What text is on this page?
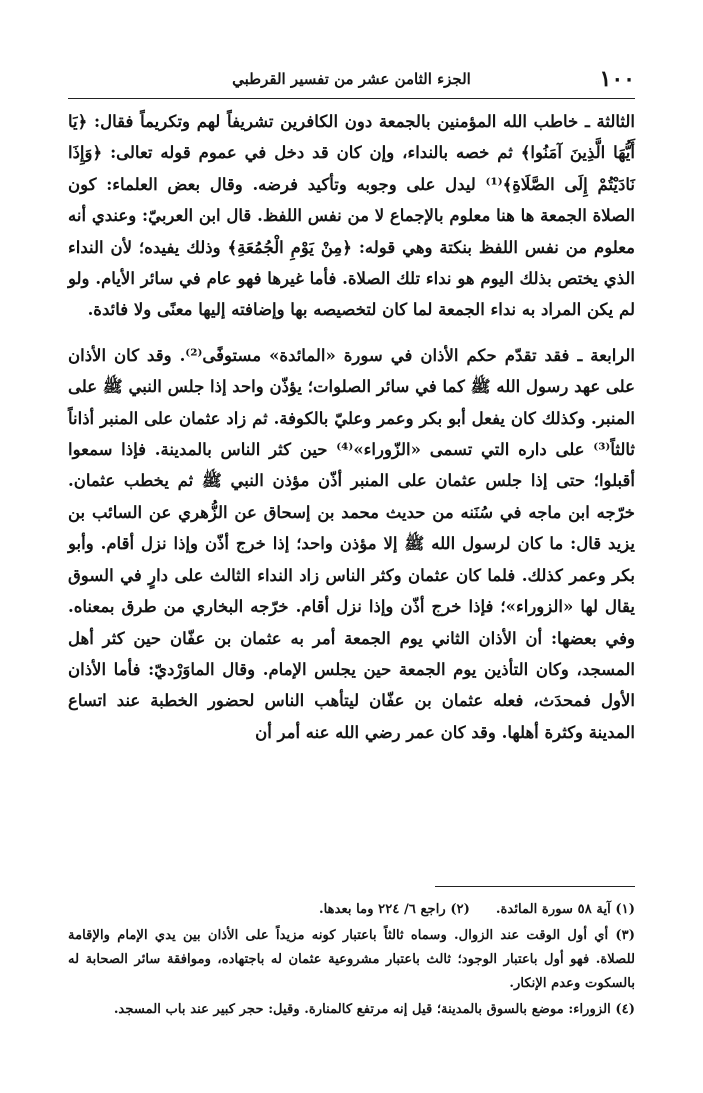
١٠٠
الجزء الثامن عشر من تفسير القرطبي

الثالثة ـ خاطب الله المؤمنين بالجمعة دون الكافرين تشريفاً لهم وتكريماً فقال: ﴿يَا أَيُّهَا الَّذِينَ آمَنُوا﴾ ثم خصه بالنداء، وإن كان قد دخل في عموم قوله تعالى: ﴿وَإِذَا نَادَيْتُمْ إِلَى الصَّلَاةِ﴾⁽¹⁾ ليدل على وجوبه وتأكيد فرضه. وقال بعض العلماء: كون الصلاة الجمعة ها هنا معلوم بالإجماع لا من نفس اللفظ. قال ابن العربيّ: وعندي أنه معلوم من نفس اللفظ بنكتة وهي قوله: ﴿مِنْ يَوْمِ الْجُمُعَةِ﴾ وذلك يفيده؛ لأن النداء الذي يختص بذلك اليوم هو نداء تلك الصلاة. فأما غيرها فهو عام في سائر الأيام. ولو لم يكن المراد به نداء الجمعة لما كان لتخصيصه بها وإضافته إليها معنًى ولا فائدة.

الرابعة ـ فقد تقدّم حكم الأذان في سورة «المائدة» مستوفًى⁽²⁾. وقد كان الأذان على عهد رسول الله ﷺ كما في سائر الصلوات؛ يؤذّن واحد إذا جلس النبي ﷺ على المنبر. وكذلك كان يفعل أبو بكر وعمر وعليّ بالكوفة. ثم زاد عثمان على المنبر أذاناً ثالثاً⁽³⁾ على داره التي تسمى «الزّوراء»⁽⁴⁾ حين كثر الناس بالمدينة. فإذا سمعوا أقبلوا؛ حتى إذا جلس عثمان على المنبر أذّن مؤذن النبي ﷺ ثم يخطب عثمان. خرّجه ابن ماجه في سُنَنه من حديث محمد بن إسحاق عن الزُّهري عن السائب بن يزيد قال: ما كان لرسول الله ﷺ إلا مؤذن واحد؛ إذا خرج أذّن وإذا نزل أقام. وأبو بكر وعمر كذلك. فلما كان عثمان وكثر الناس زاد النداء الثالث على دارٍ في السوق يقال لها «الزوراء»؛ فإذا خرج أذّن وإذا نزل أقام. خرّجه البخاري من طرق بمعناه. وفي بعضها: أن الأذان الثاني يوم الجمعة أمر به عثمان بن عفّان حين كثر أهل المسجد، وكان التأذين يوم الجمعة حين يجلس الإمام. وقال الماوَرْديّ: فأما الأذان الأول فمحدَث، فعله عثمان بن عفّان ليتأهب الناس لحضور الخطبة عند اتساع المدينة وكثرة أهلها. وقد كان عمر رضي الله عنه أمر أن

(١) آية ٥٨ سورة المائدة.(٢) راجع ٦/ ٢٢٤ وما بعدها.

(٣) أي أول الوقت عند الزوال. وسماه ثالثاً باعتبار كونه مزيداً على الأذان بين يدي الإمام والإقامة للصلاة. فهو أول باعتبار الوجود؛ ثالث باعتبار مشروعية عثمان له باجتهاده، وموافقة سائر الصحابة له بالسكوت وعدم الإنكار.

(٤) الزوراء: موضع بالسوق بالمدينة؛ قيل إنه مرتفع كالمنارة. وقيل: حجر كبير عند باب المسجد.
